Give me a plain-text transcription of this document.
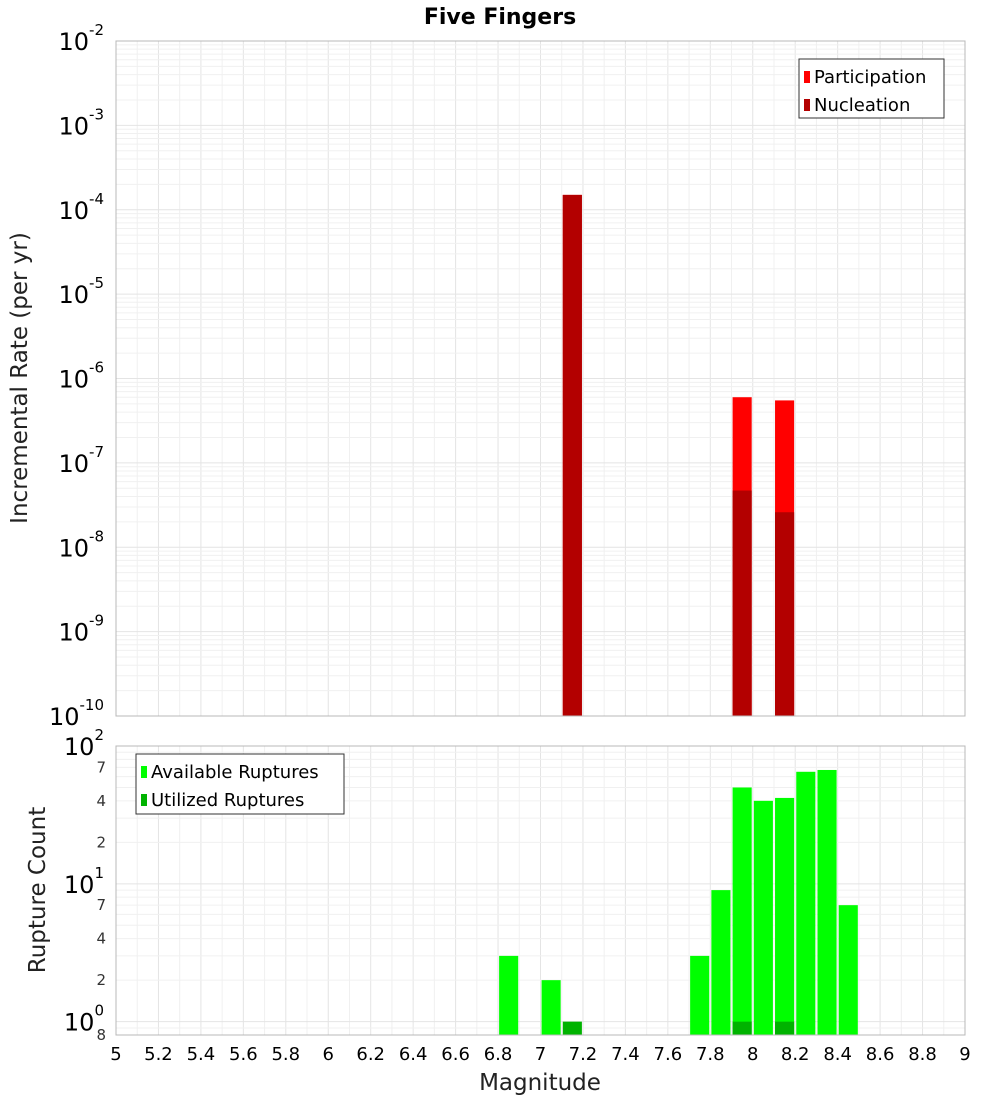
Five Fingers
10-10
10-9
10-8
10-7
10-6
10-5
10-4
10-3
10-2
Incremental Rate (per yr)
Participation
Nucleation
100
101
102
8
2
4
7
2
4
7
Rupture Count
Available Ruptures
Utilized Ruptures
5 5.2 5.4 5.6 5.8 6 6.2 6.4 6.6 6.8 7 7.2 7.4 7.6 7.8 8 8.2 8.4 8.6 8.8 9
Magnitude
